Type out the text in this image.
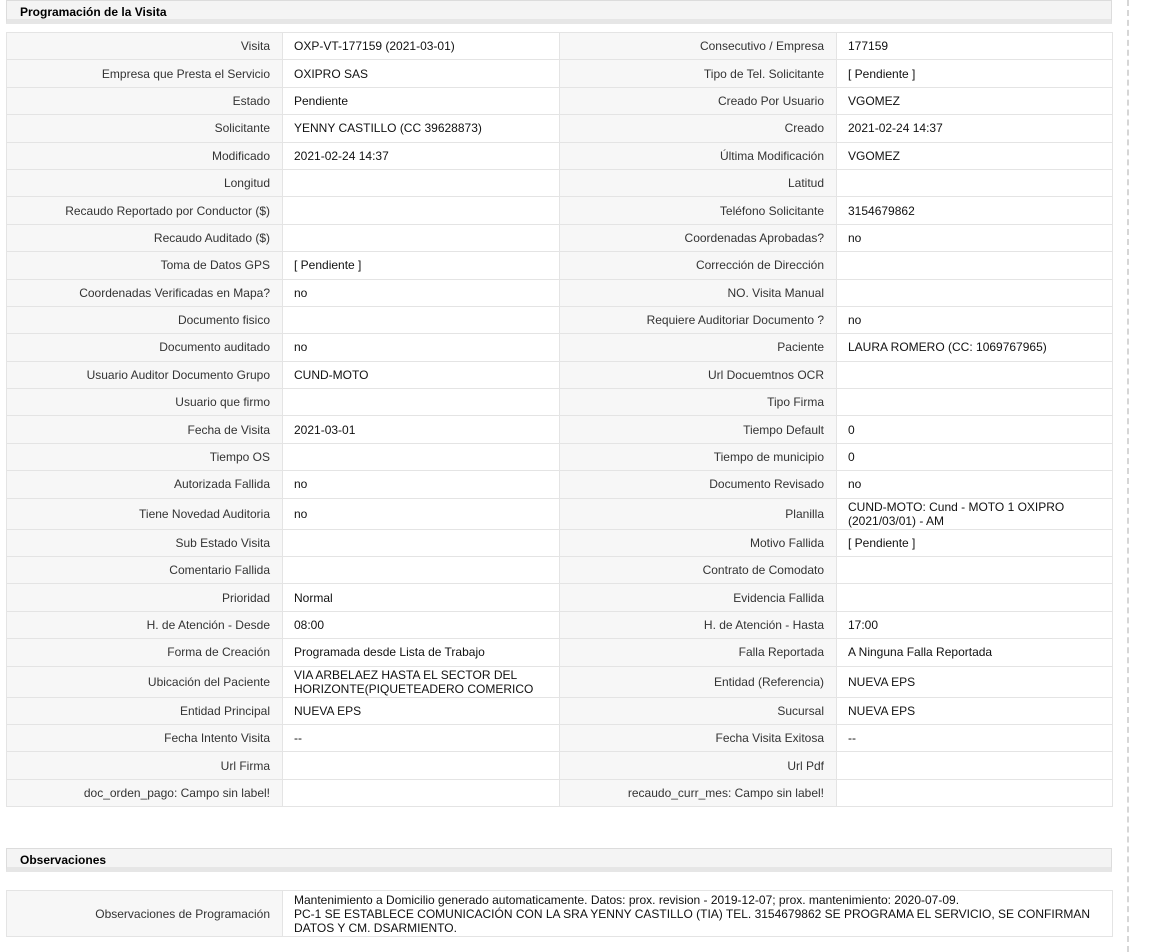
Programación de la Visita
Visita	OXP-VT-177159 (2021-03-01)	Consecutivo / Empresa	177159
Empresa que Presta el Servicio	OXIPRO SAS	Tipo de Tel. Solicitante	[ Pendiente ]
Estado	Pendiente	Creado Por Usuario	VGOMEZ
Solicitante	YENNY CASTILLO (CC 39628873)	Creado	2021-02-24 14:37
Modificado	2021-02-24 14:37	Última Modificación	VGOMEZ
Longitud		Latitud	
Recaudo Reportado por Conductor ($)		Teléfono Solicitante	3154679862
Recaudo Auditado ($)		Coordenadas Aprobadas?	no
Toma de Datos GPS	[ Pendiente ]	Corrección de Dirección	
Coordenadas Verificadas en Mapa?	no	NO. Visita Manual	
Documento fisico		Requiere Auditoriar Documento ?	no
Documento auditado	no	Paciente	LAURA ROMERO (CC: 1069767965)
Usuario Auditor Documento Grupo	CUND-MOTO	Url Docuemtnos OCR	
Usuario que firmo		Tipo Firma	
Fecha de Visita	2021-03-01	Tiempo Default	0
Tiempo OS		Tiempo de municipio	0
Autorizada Fallida	no	Documento Revisado	no
Tiene Novedad Auditoria	no	Planilla	CUND-MOTO: Cund - MOTO 1 OXIPRO (2021/03/01) - AM
Sub Estado Visita		Motivo Fallida	[ Pendiente ]
Comentario Fallida		Contrato de Comodato	
Prioridad	Normal	Evidencia Fallida	
H. de Atención - Desde	08:00	H. de Atención - Hasta	17:00
Forma de Creación	Programada desde Lista de Trabajo	Falla Reportada	A Ninguna Falla Reportada
Ubicación del Paciente	VIA ARBELAEZ HASTA EL SECTOR DEL HORIZONTE(PIQUETEADERO COMERICO	Entidad (Referencia)	NUEVA EPS
Entidad Principal	NUEVA EPS	Sucursal	NUEVA EPS
Fecha Intento Visita	--	Fecha Visita Exitosa	--
Url Firma		Url Pdf	
doc_orden_pago: Campo sin label!		recaudo_curr_mes: Campo sin label!	
Observaciones
Observaciones de Programación	
Mantenimiento a Domicilio generado automaticamente. Datos: prox. revision - 2019-12-07; prox. mantenimiento: 2020-07-09.
PC-1 SE ESTABLECE COMUNICACIÓN CON LA SRA YENNY CASTILLO (TIA) TEL. 3154679862 SE PROGRAMA EL SERVICIO, SE CONFIRMAN DATOS Y CM. DSARMIENTO.
